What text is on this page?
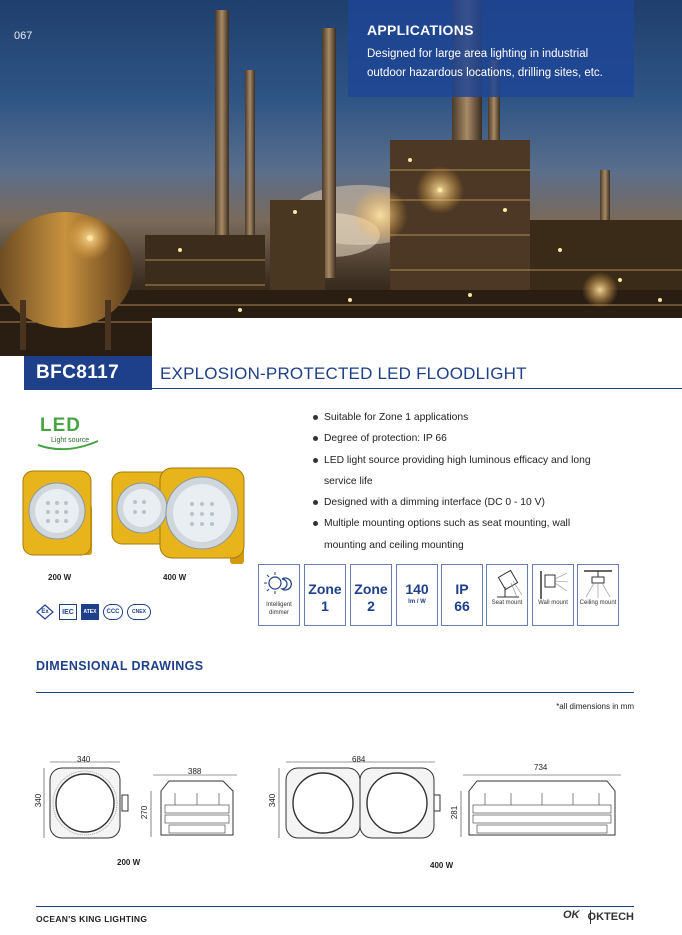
067	APPLICATIONS
Designed for large area lighting in industrial outdoor hazardous locations, drilling sites, etc.
BFC8117	EXPLOSION-PROTECTED LED FLOODLIGHT
LED
Light source
200 W	400 W
Ex	IEC	ATEX	CCC	CNEX
Suitable for Zone 1 applications
Degree of protection: IP 66
LED light source providing high luminous efficacy and long service life
Designed with a dimming interface (DC 0 - 10 V)
Multiple mounting options such as seat mounting, wall mounting and ceiling mounting
Intelligent dimmer
Zone
1
Zone
2
140
lm / W
IP
66	Seat mount	Wall mount	Ceiling mount
DIMENSIONAL DRAWINGS
*all dimensions in mm
340
340
388
270
200 W
684
340
734
281
400 W
OCEAN'S KING LIGHTING	OK OKTECH
